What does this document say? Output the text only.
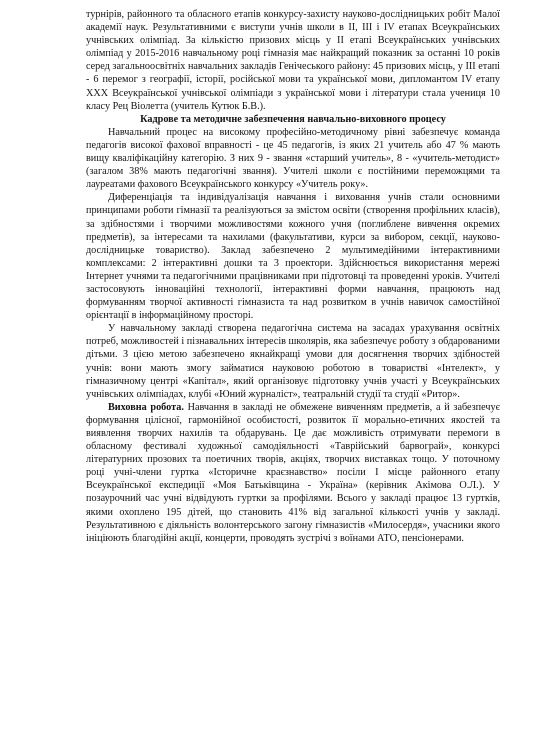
турнірів, районного та обласного етапів конкурсу-захисту науково-дослідницьких робіт Малої академії наук. Результативними є виступи учнів школи в ІІ, ІІІ і IV етапах Всеукраїнських учнівських олімпіад. За кількістю призових місць у ІІ етапі Всеукраїнських учнівських олімпіад у 2015-2016 навчальному році гімназія має найкращий показник за останні 10 років серед загальноосвітніх навчальних закладів Генічеського району: 45 призових місць, у ІІІ етапі - 6 перемог з географії, історії, російської мови та української мови, дипломантом IV етапу XXX Всеукраїнської учнівської олімпіади з української мови і літератури стала учениця 10 класу Рец Віолетта (учитель Кутюк Б.В.).

Кадрове та методичне забезпечення навчально-виховного процесу

Навчальний процес на високому професійно-методичному рівні забезпечує команда педагогів високої фахової вправності - це 45 педагогів, із яких 21 учитель або 47 % мають вищу кваліфікаційну категорію. З них 9 - звання «старший учитель», 8 - «учитель-методист» (загалом 38% мають педагогічні звання). Учителі школи є постійними переможцями та лауреатами фахового Всеукраїнського конкурсу «Учитель року».

Диференціація та індивідуалізація навчання і виховання учнів стали основними принципами роботи гімназії та реалізуються за змістом освіти (створення профільних класів), за здібностями і творчими можливостями кожного учня (поглиблене вивчення окремих предметів), за інтересами та нахилами (факультативи, курси за вибором, секції, науково-дослідницьке товариство). Заклад забезпечено 2 мультимедійними інтерактивними комплексами: 2 інтерактивні дошки та 3 проектори. Здійснюється використання мережі Інтернет учнями та педагогічними працівниками при підготовці та проведенні уроків. Учителі застосовують інноваційні технології, інтерактивні форми навчання, працюють над формуванням творчої активності гімназиста та над розвитком в учнів навичок самостійної орієнтації в інформаційному просторі.

У навчальному закладі створена педагогічна система на засадах урахування освітніх потреб, можливостей і пізнавальних інтересів школярів, яка забезпечує роботу з обдарованими дітьми. З цією метою забезпечено якнайкращі умови для досягнення творчих здібностей учнів: вони мають змогу займатися науковою роботою в товаристві «Інтелект», у гімназичному центрі «Капітал», який організовує підготовку учнів участі у Всеукраїнських учнівських олімпіадах, клубі «Юний журналіст», театральній студії та студії «Ритор».

Виховна робота. Навчання в закладі не обмежене вивченням предметів, а й забезпечує формування цілісної, гармонійної особистості, розвиток її морально-етичних якостей та виявлення творчих нахилів та обдарувань. Це дає можливість отримувати перемоги в обласному фестивалі художньої самодіяльності «Таврійський барвограй», конкурсі літературних прозових та поетичних творів, акціях, творчих виставках тощо. У поточному році учні-члени гуртка «Історичне краєзнавство» посіли І місце районного етапу Всеукраїнської експедиції «Моя Батьківщина - Україна» (керівник Акімова О.Л.). У позаурочний час учні відвідують гуртки за профілями. Всього у закладі працює 13 гуртків, якими охоплено 195 дітей, що становить 41% від загальної кількості учнів у закладі. Результативною є діяльність волонтерського загону гімназистів «Милосердя», учасники якого ініціюють благодійні акції, концерти, проводять зустрічі з воїнами АТО, пенсіонерами.
